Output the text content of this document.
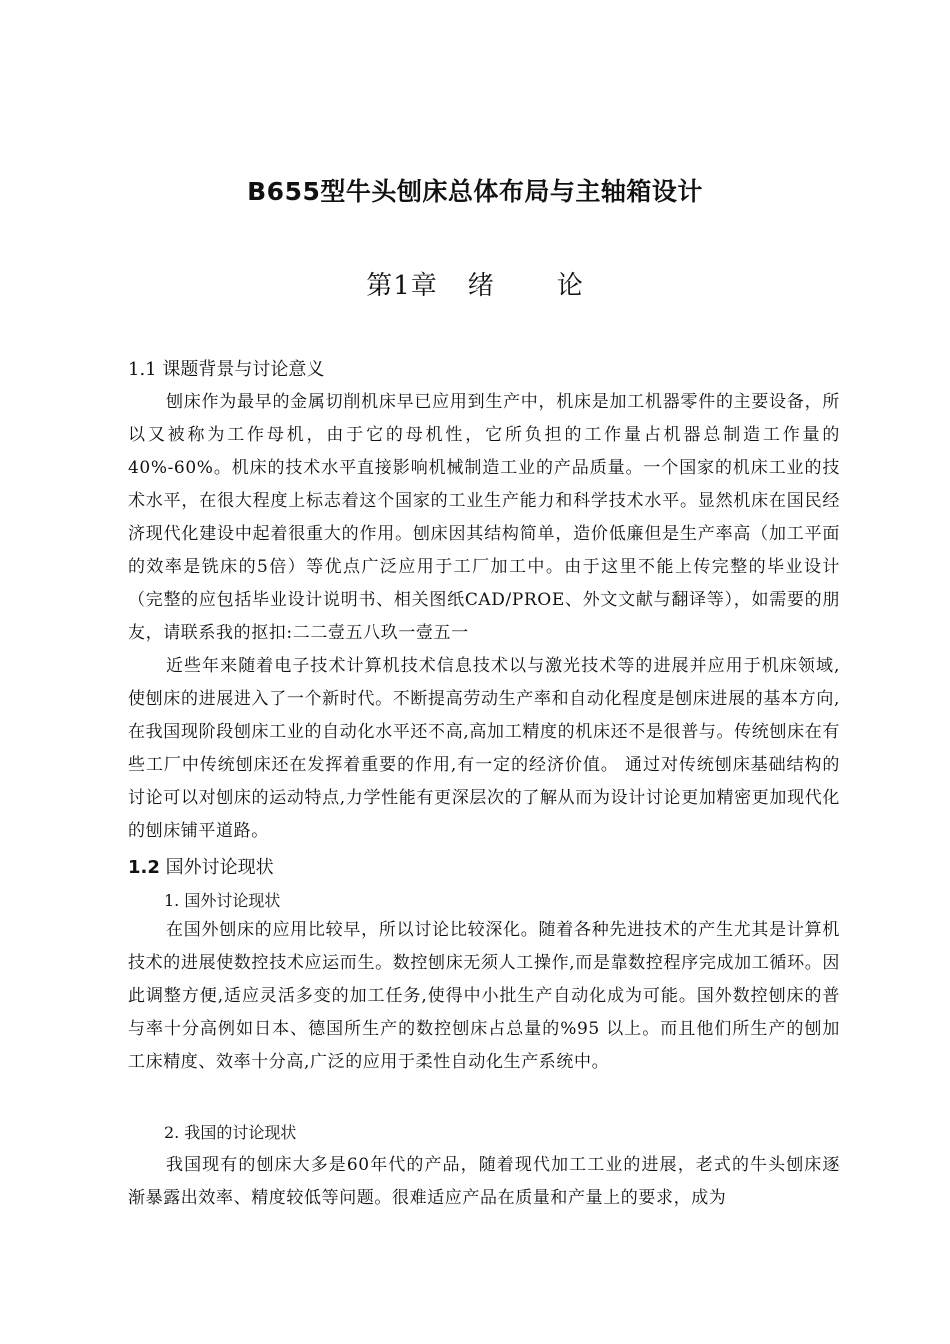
B655型牛头刨床总体布局与主轴箱设计
第1章 绪 论
1.1 课题背景与讨论意义

刨床作为最早的金属切削机床早已应用到生产中，机床是加工机器零件的主要设备，所以又被称为工作母机，由于它的母机性，它所负担的工作量占机器总制造工作量的40%-60%。机床的技术水平直接影响机械制造工业的产品质量。一个国家的机床工业的技术水平，在很大程度上标志着这个国家的工业生产能力和科学技术水平。显然机床在国民经济现代化建设中起着很重大的作用。刨床因其结构简单，造价低廉但是生产率高（加工平面的效率是铣床的5倍）等优点广泛应用于工厂加工中。由于这里不能上传完整的毕业设计（完整的应包括毕业设计说明书、相关图纸CAD/PROE、外文文献与翻译等），如需要的朋友，请联系我的抠扣:二二壹五八玖一壹五一

近些年来随着电子技术计算机技术信息技术以与激光技术等的进展并应用于机床领域,使刨床的进展进入了一个新时代。不断提高劳动生产率和自动化程度是刨床进展的基本方向,在我国现阶段刨床工业的自动化水平还不高,高加工精度的机床还不是很普与。传统刨床在有些工厂中传统刨床还在发挥着重要的作用,有一定的经济价值。 通过对传统刨床基础结构的讨论可以对刨床的运动特点,力学性能有更深层次的了解从而为设计讨论更加精密更加现代化的刨床铺平道路。

1.2 国外讨论现状
1. 国外讨论现状

在国外刨床的应用比较早，所以讨论比较深化。随着各种先进技术的产生尤其是计算机技术的进展使数控技术应运而生。数控刨床无须人工操作,而是靠数控程序完成加工循环。因此调整方便,适应灵活多变的加工任务,使得中小批生产自动化成为可能。国外数控刨床的普与率十分高例如日本、德国所生产的数控刨床占总量的%95 以上。而且他们所生产的刨加工床精度、效率十分高,广泛的应用于柔性自动化生产系统中。

2. 我国的讨论现状

我国现有的刨床大多是60年代的产品，随着现代加工工业的进展，老式的牛头刨床逐渐暴露出效率、精度较低等问题。很难适应产品在质量和产量上的要求，成为
